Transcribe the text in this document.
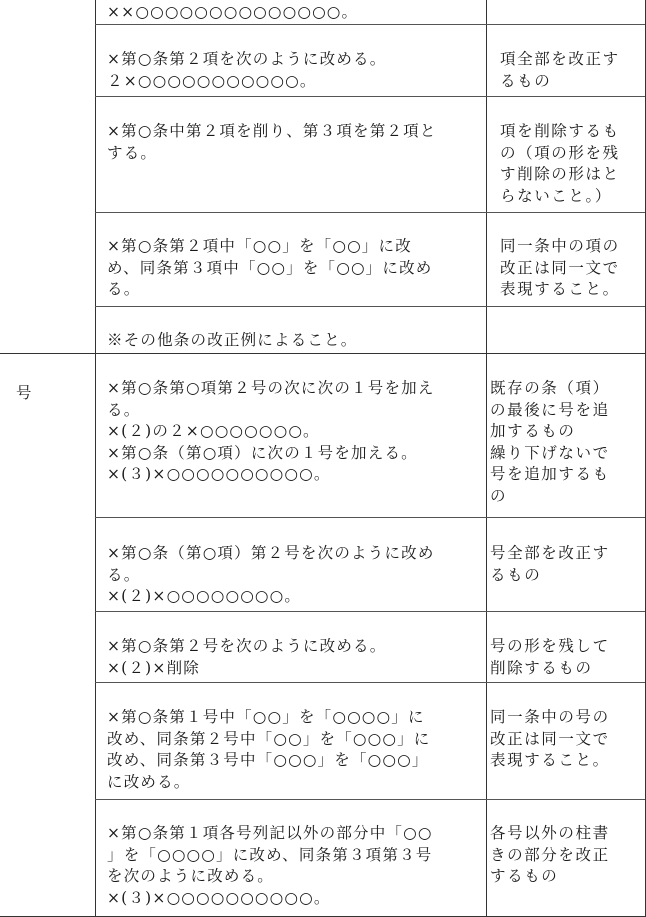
号
××○○○○○○○○○○○○○○。
×第○条第２項を次のように改める。
２×○○○○○○○○○○○。
項全部を改正す
るもの
×第○条中第２項を削り、第３項を第２項と
する。
項を削除するも
の（項の形を残
す削除の形はと
らないこと。）
×第○条第２項中「○○」を「○○」に改
め、同条第３項中「○○」を「○○」に改め
る。
同一条中の項の
改正は同一文で
表現すること。
※その他条の改正例によること。
×第○条第○項第２号の次に次の１号を加え
る。
×(２)の２×○○○○○○○。
×第○条（第○項）に次の１号を加える。
×(３)×○○○○○○○○○○。
既存の条（項）
の最後に号を追
加するもの
繰り下げないで
号を追加するも
の
×第○条（第○項）第２号を次のように改め
る。
×(２)×○○○○○○○○。
号全部を改正す
るもの
×第○条第２号を次のように改める。
×(２)×削除
号の形を残して
削除するもの
×第○条第１号中「○○」を「○○○○」に
改め、同条第２号中「○○」を「○○○」に
改め、同条第３号中「○○○」を「○○○」
に改める。
同一条中の号の
改正は同一文で
表現すること。
×第○条第１項各号列記以外の部分中「○○
」を「○○○○」に改め、同条第３項第３号
を次のように改める。
×(３)×○○○○○○○○○○。
各号以外の柱書
きの部分を改正
するもの
